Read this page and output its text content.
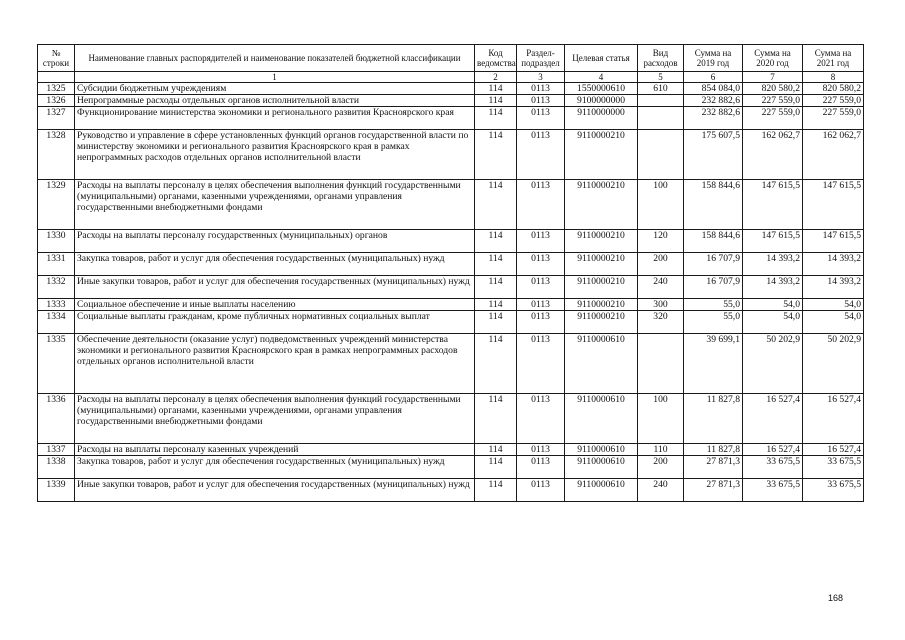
№ строки	Наименование главных распорядителей и наименование показателей бюджетной классификации	Код ведомства	Раздел-подраздел	Целевая статья	Вид расходов	Сумма на 2019 год	Сумма на 2020 год	Сумма на 2021 год
	1	2	3	4	5	6	7	8
1325	Субсидии бюджетным учреждениям	114	0113	1550000610	610	854 084,0	820 580,2	820 580,2
1326	Непрограммные расходы отдельных органов исполнительной власти	114	0113	9100000000		232 882,6	227 559,0	227 559,0
1327	Функционирование министерства экономики и регионального развития Красноярского края	114	0113	9110000000		232 882,6	227 559,0	227 559,0
1328	Руководство и управление в сфере установленных функций органов государственной власти по министерству экономики и регионального развития Красноярского края в рамках непрограммных расходов отдельных органов исполнительной власти	114	0113	9110000210		175 607,5	162 062,7	162 062,7
1329	Расходы на выплаты персоналу в целях обеспечения выполнения функций государственными (муниципальными) органами, казенными учреждениями, органами управления государственными внебюджетными фондами	114	0113	9110000210	100	158 844,6	147 615,5	147 615,5
1330	Расходы на выплаты персоналу государственных (муниципальных) органов	114	0113	9110000210	120	158 844,6	147 615,5	147 615,5
1331	Закупка товаров, работ и услуг для обеспечения государственных (муниципальных) нужд	114	0113	9110000210	200	16 707,9	14 393,2	14 393,2
1332	Иные закупки товаров, работ и услуг для обеспечения государственных (муниципальных) нужд	114	0113	9110000210	240	16 707,9	14 393,2	14 393,2
1333	Социальное обеспечение и иные выплаты населению	114	0113	9110000210	300	55,0	54,0	54,0
1334	Социальные выплаты гражданам, кроме публичных нормативных социальных выплат	114	0113	9110000210	320	55,0	54,0	54,0
1335	Обеспечение деятельности (оказание услуг) подведомственных учреждений министерства экономики и регионального развития Красноярского края в рамках непрограммных расходов отдельных органов исполнительной власти	114	0113	9110000610		39 699,1	50 202,9	50 202,9
1336	Расходы на выплаты персоналу в целях обеспечения выполнения функций государственными (муниципальными) органами, казенными учреждениями, органами управления государственными внебюджетными фондами	114	0113	9110000610	100	11 827,8	16 527,4	16 527,4
1337	Расходы на выплаты персоналу казенных учреждений	114	0113	9110000610	110	11 827,8	16 527,4	16 527,4
1338	Закупка товаров, работ и услуг для обеспечения государственных (муниципальных) нужд	114	0113	9110000610	200	27 871,3	33 675,5	33 675,5
1339	Иные закупки товаров, работ и услуг для обеспечения государственных (муниципальных) нужд	114	0113	9110000610	240	27 871,3	33 675,5	33 675,5
168
